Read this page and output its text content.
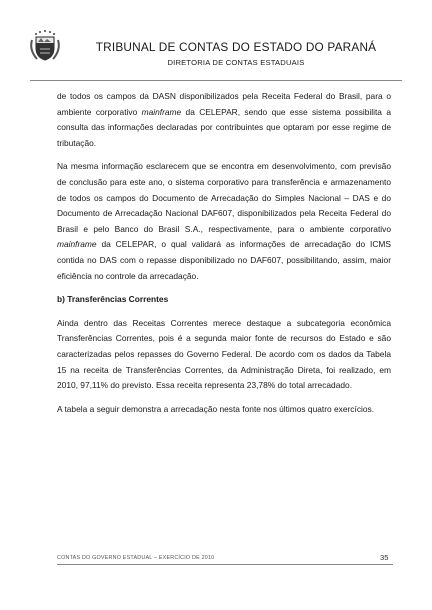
TRIBUNAL DE CONTAS DO ESTADO DO PARANÁ
DIRETORIA DE CONTAS ESTADUAIS

de todos os campos da DASN disponibilizados pela Receita Federal do Brasil, para o ambiente corporativo mainframe da CELEPAR, sendo que esse sistema possibilita a consulta das informações declaradas por contribuintes que optaram por esse regime de tributação.

Na mesma informação esclarecem que se encontra em desenvolvimento, com previsão de conclusão para este ano, o sistema corporativo para transferência e armazenamento de todos os campos do Documento de Arrecadação do Simples Nacional – DAS e do Documento de Arrecadação Nacional DAF607, disponibilizados pela Receita Federal do Brasil e pelo Banco do Brasil S.A., respectivamente, para o ambiente corporativo mainframe da CELEPAR, o qual validará as informações de arrecadação do ICMS contida no DAS com o repasse disponibilizado no DAF607, possibilitando, assim, maior eficiência no controle da arrecadação.

b) Transferências Correntes

Ainda dentro das Receitas Correntes merece destaque a subcategoria econômica Transferências Correntes, pois é a segunda maior fonte de recursos do Estado e são caracterizadas pelos repasses do Governo Federal. De acordo com os dados da Tabela 15 na receita de Transferências Correntes, da Administração Direta, foi realizado, em 2010, 97,11% do previsto. Essa receita representa 23,78% do total arrecadado.

A tabela a seguir demonstra a arrecadação nesta fonte nos últimos quatro exercícios.

CONTAS DO GOVERNO ESTADUAL – EXERCÍCIO DE 2010	35
